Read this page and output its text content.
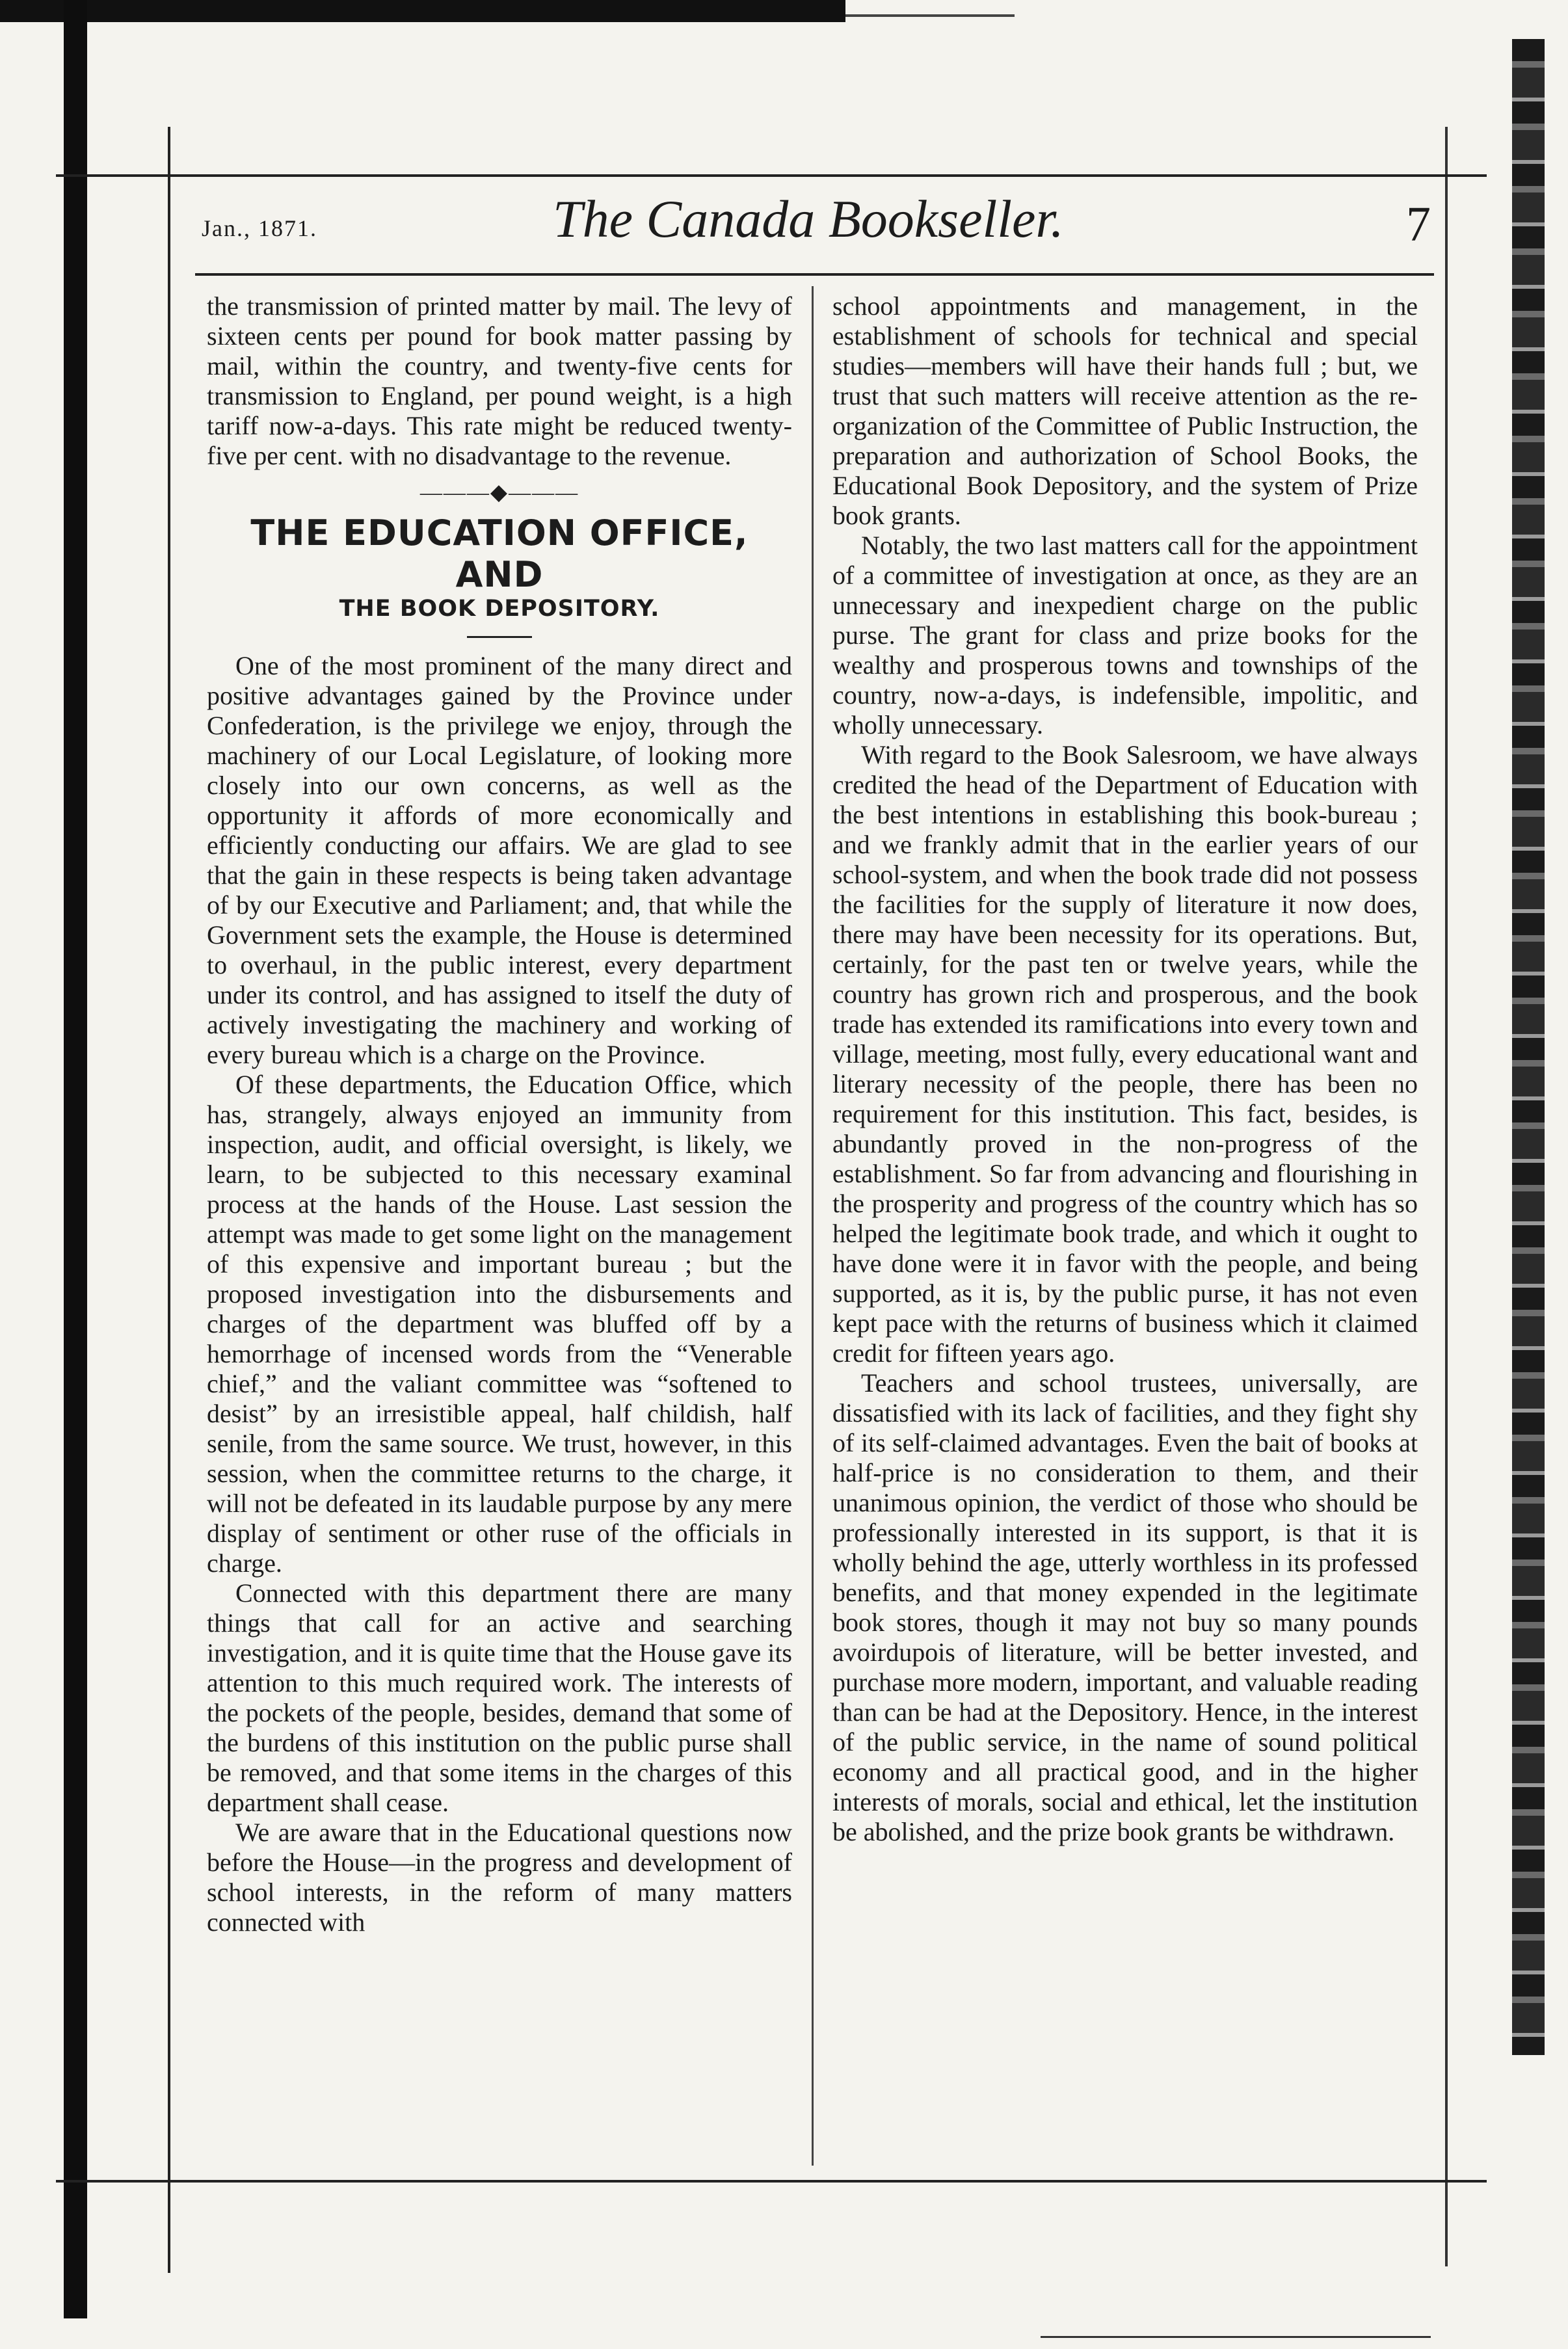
Jan., 1871.	The Canada Bookseller.	7

the transmission of printed matter by mail. The levy of sixteen cents per pound for book matter passing by mail, within the country, and twenty-five cents for transmission to England, per pound weight, is a high tariff now-a-days. This rate might be reduced twenty-five per cent. with no disadvantage to the revenue.

———◆———
THE EDUCATION OFFICE, AND
THE BOOK DEPOSITORY.

One of the most prominent of the many direct and positive advantages gained by the Province under Confederation, is the privilege we enjoy, through the machinery of our Local Legislature, of looking more closely into our own concerns, as well as the opportunity it affords of more economically and efficiently conducting our affairs. We are glad to see that the gain in these respects is being taken advantage of by our Executive and Parliament; and, that while the Government sets the example, the House is determined to overhaul, in the public interest, every department under its control, and has assigned to itself the duty of actively investigating the machinery and working of every bureau which is a charge on the Province.

Of these departments, the Education Office, which has, strangely, always enjoyed an immunity from inspection, audit, and official oversight, is likely, we learn, to be subjected to this necessary examinal process at the hands of the House. Last session the attempt was made to get some light on the management of this expensive and important bureau ; but the proposed investigation into the disbursements and charges of the department was bluffed off by a hemorrhage of incensed words from the “Venerable chief,” and the valiant committee was “softened to desist” by an irresistible appeal, half childish, half senile, from the same source. We trust, however, in this session, when the committee returns to the charge, it will not be defeated in its laudable purpose by any mere display of sentiment or other ruse of the officials in charge.

Connected with this department there are many things that call for an active and searching investigation, and it is quite time that the House gave its attention to this much required work. The interests of the pockets of the people, besides, demand that some of the burdens of this institution on the public purse shall be removed, and that some items in the charges of this department shall cease.

We are aware that in the Educational questions now before the House—in the progress and development of school interests, in the reform of many matters connected with

school appointments and management, in the establishment of schools for technical and special studies—members will have their hands full ; but, we trust that such matters will receive attention as the re-organization of the Committee of Public Instruction, the preparation and authorization of School Books, the Educational Book Depository, and the system of Prize book grants.

Notably, the two last matters call for the appointment of a committee of investigation at once, as they are an unnecessary and inexpedient charge on the public purse. The grant for class and prize books for the wealthy and prosperous towns and townships of the country, now-a-days, is indefensible, impolitic, and wholly unnecessary.

With regard to the Book Salesroom, we have always credited the head of the Department of Education with the best intentions in establishing this book-bureau ; and we frankly admit that in the earlier years of our school-system, and when the book trade did not possess the facilities for the supply of literature it now does, there may have been necessity for its operations. But, certainly, for the past ten or twelve years, while the country has grown rich and prosperous, and the book trade has extended its ramifications into every town and village, meeting, most fully, every educational want and literary necessity of the people, there has been no requirement for this institution. This fact, besides, is abundantly proved in the non-progress of the establishment. So far from advancing and flourishing in the prosperity and progress of the country which has so helped the legitimate book trade, and which it ought to have done were it in favor with the people, and being supported, as it is, by the public purse, it has not even kept pace with the returns of business which it claimed credit for fifteen years ago.

Teachers and school trustees, universally, are dissatisfied with its lack of facilities, and they fight shy of its self-claimed advantages. Even the bait of books at half-price is no consideration to them, and their unanimous opinion, the verdict of those who should be professionally interested in its support, is that it is wholly behind the age, utterly worthless in its professed benefits, and that money expended in the legitimate book stores, though it may not buy so many pounds avoirdupois of literature, will be better invested, and purchase more modern, important, and valuable reading than can be had at the Depository. Hence, in the interest of the public service, in the name of sound political economy and all practical good, and in the higher interests of morals, social and ethical, let the institution be abolished, and the prize book grants be withdrawn.
